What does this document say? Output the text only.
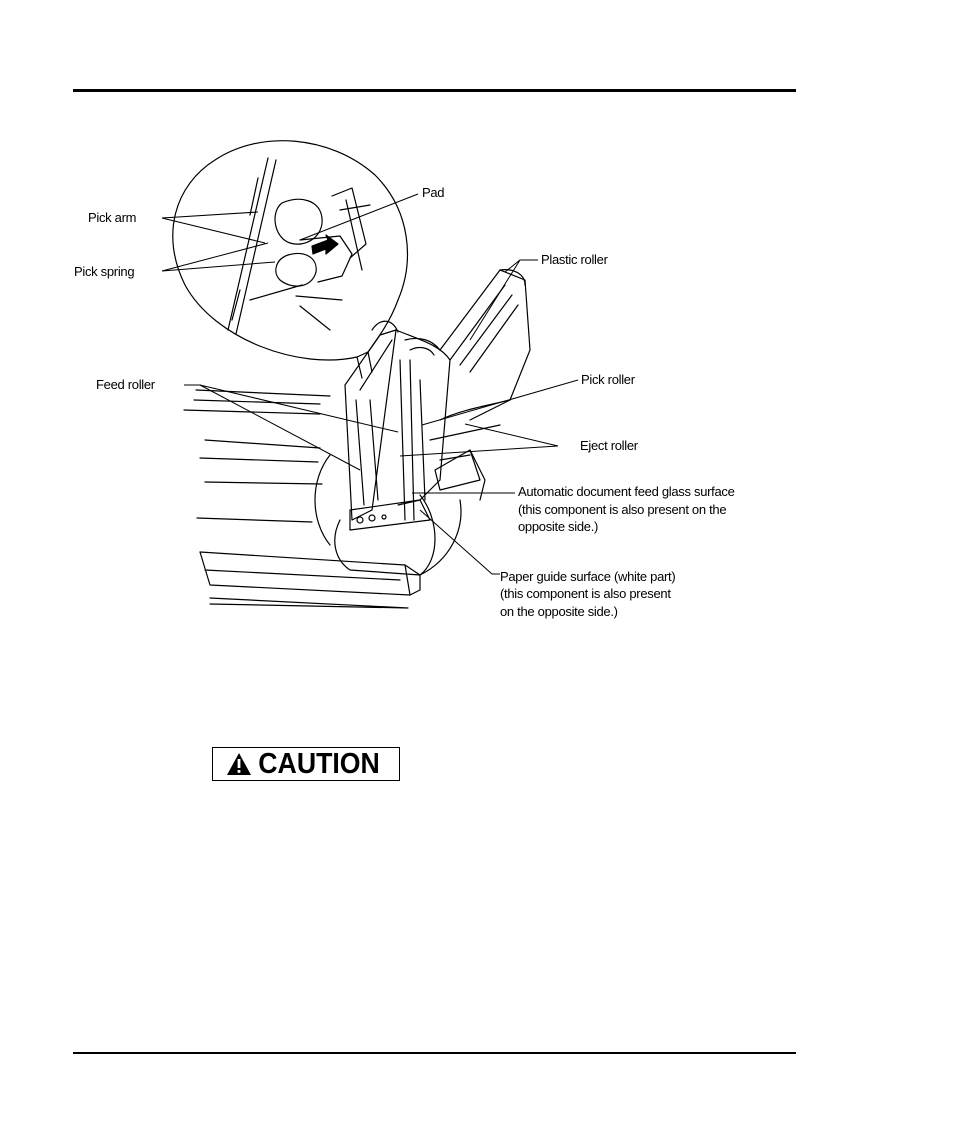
Pad
Pick arm
Pick spring
Plastic roller
Feed roller	Pick roller
Eject roller
Automatic document feed glass surface
(this component is also present on the
opposite side.)
Paper guide surface (white part)
(this component is also present
on the opposite side.)
CAUTION
